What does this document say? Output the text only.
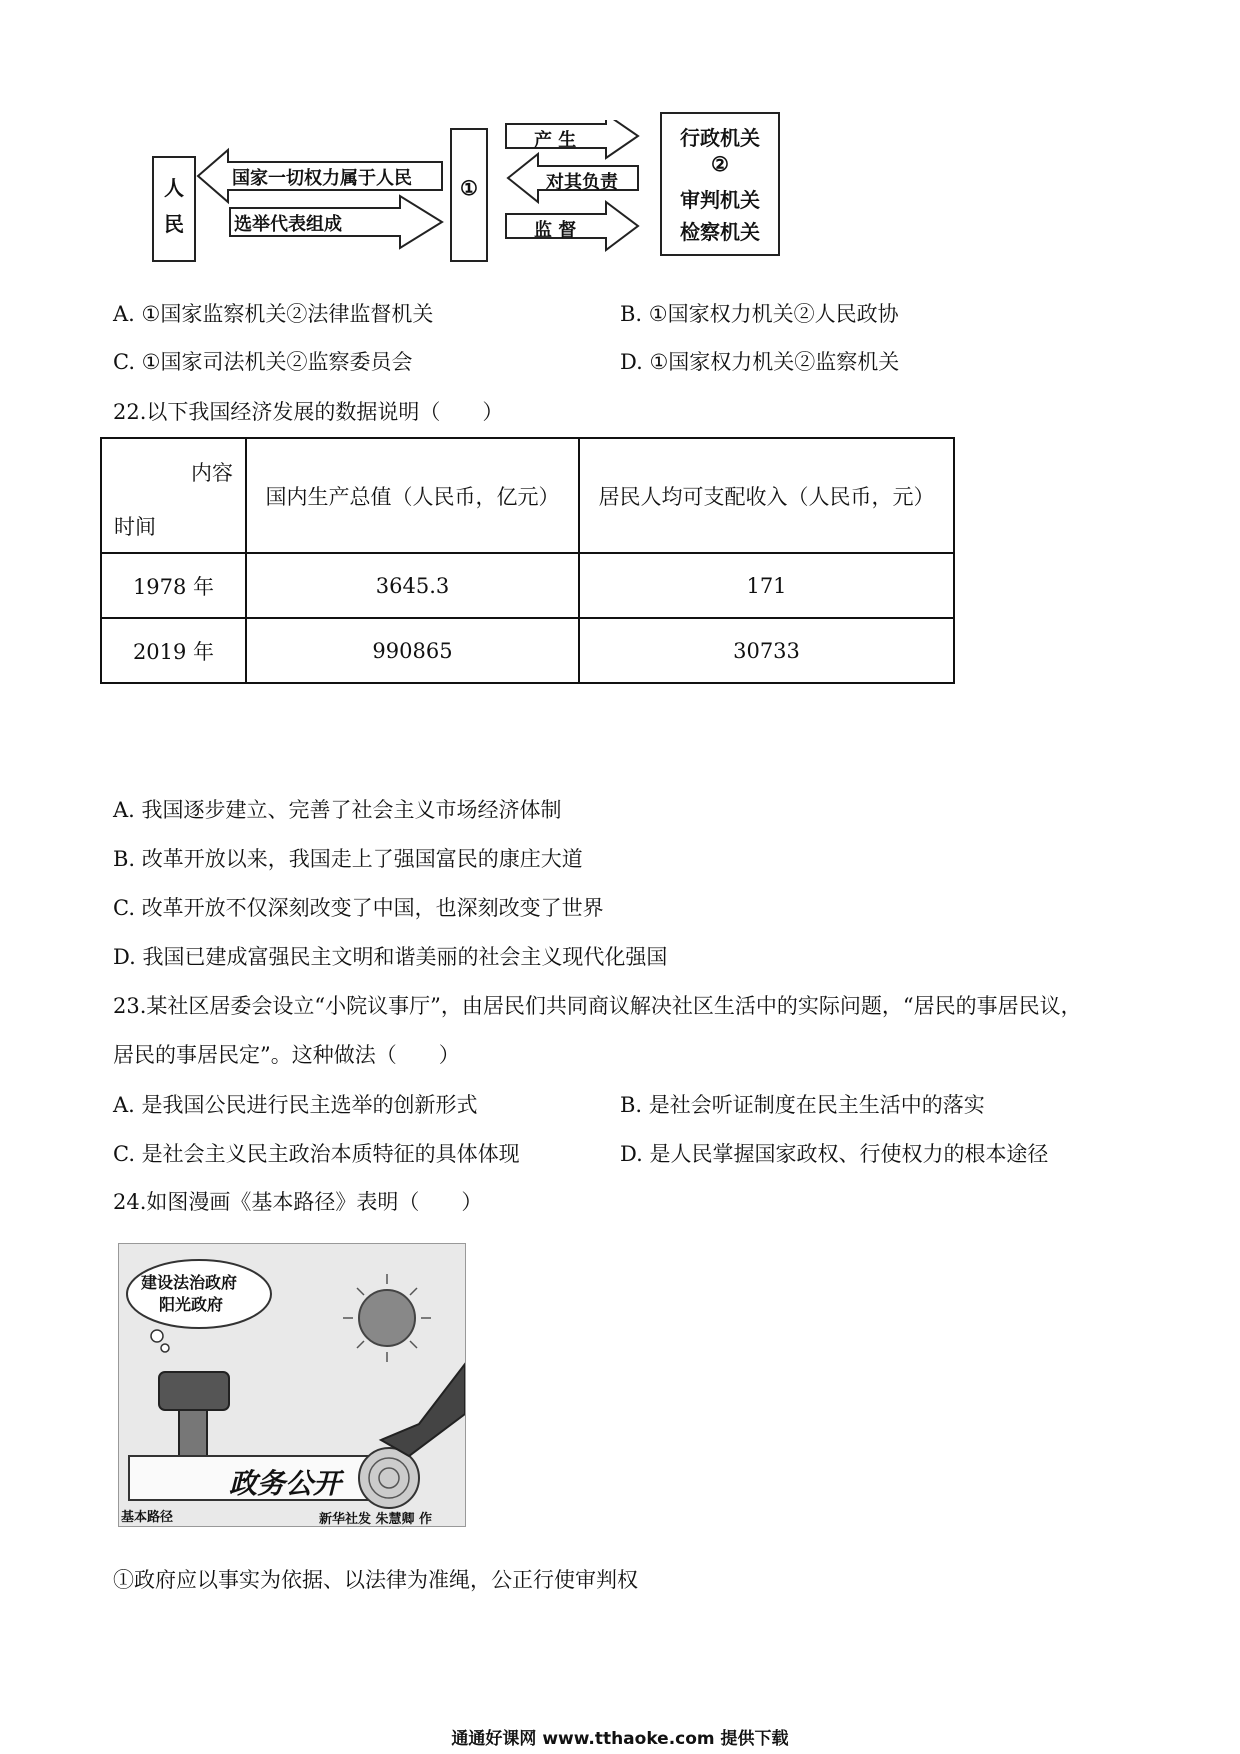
人
民
国家一切权力属于人民
选举代表组成
①
产 生
对其负责
监 督
行政机关
②
审判机关
检察机关
A. ①国家监察机关②法律监督机关	B. ①国家权力机关②人民政协
C. ①国家司法机关②监察委员会	D. ①国家权力机关②监察机关
22.以下我国经济发展的数据说明（　　）
内容
时间	国内生产总值（人民币，亿元）	居民人均可支配收入（人民币，元）
1978 年	3645.3	171
2019 年	990865	30733
A. 我国逐步建立、完善了社会主义市场经济体制
B. 改革开放以来，我国走上了强国富民的康庄大道
C. 改革开放不仅深刻改变了中国，也深刻改变了世界
D. 我国已建成富强民主文明和谐美丽的社会主义现代化强国
23.某社区居委会设立“小院议事厅”，由居民们共同商议解决社区生活中的实际问题，“居民的事居民议，
居民的事居民定”。这种做法（　　）
A. 是我国公民进行民主选举的创新形式	B. 是社会听证制度在民主生活中的落实
C. 是社会主义民主政治本质特征的具体体现	D. 是人民掌握国家政权、行使权力的根本途径
24.如图漫画《基本路径》表明（　　）
建设法治政府
阳光政府
政务公开
基本路径	新华社发 朱慧卿 作
①政府应以事实为依据、以法律为准绳，公正行使审判权
通通好课网 www.tthaoke.com 提供下载
